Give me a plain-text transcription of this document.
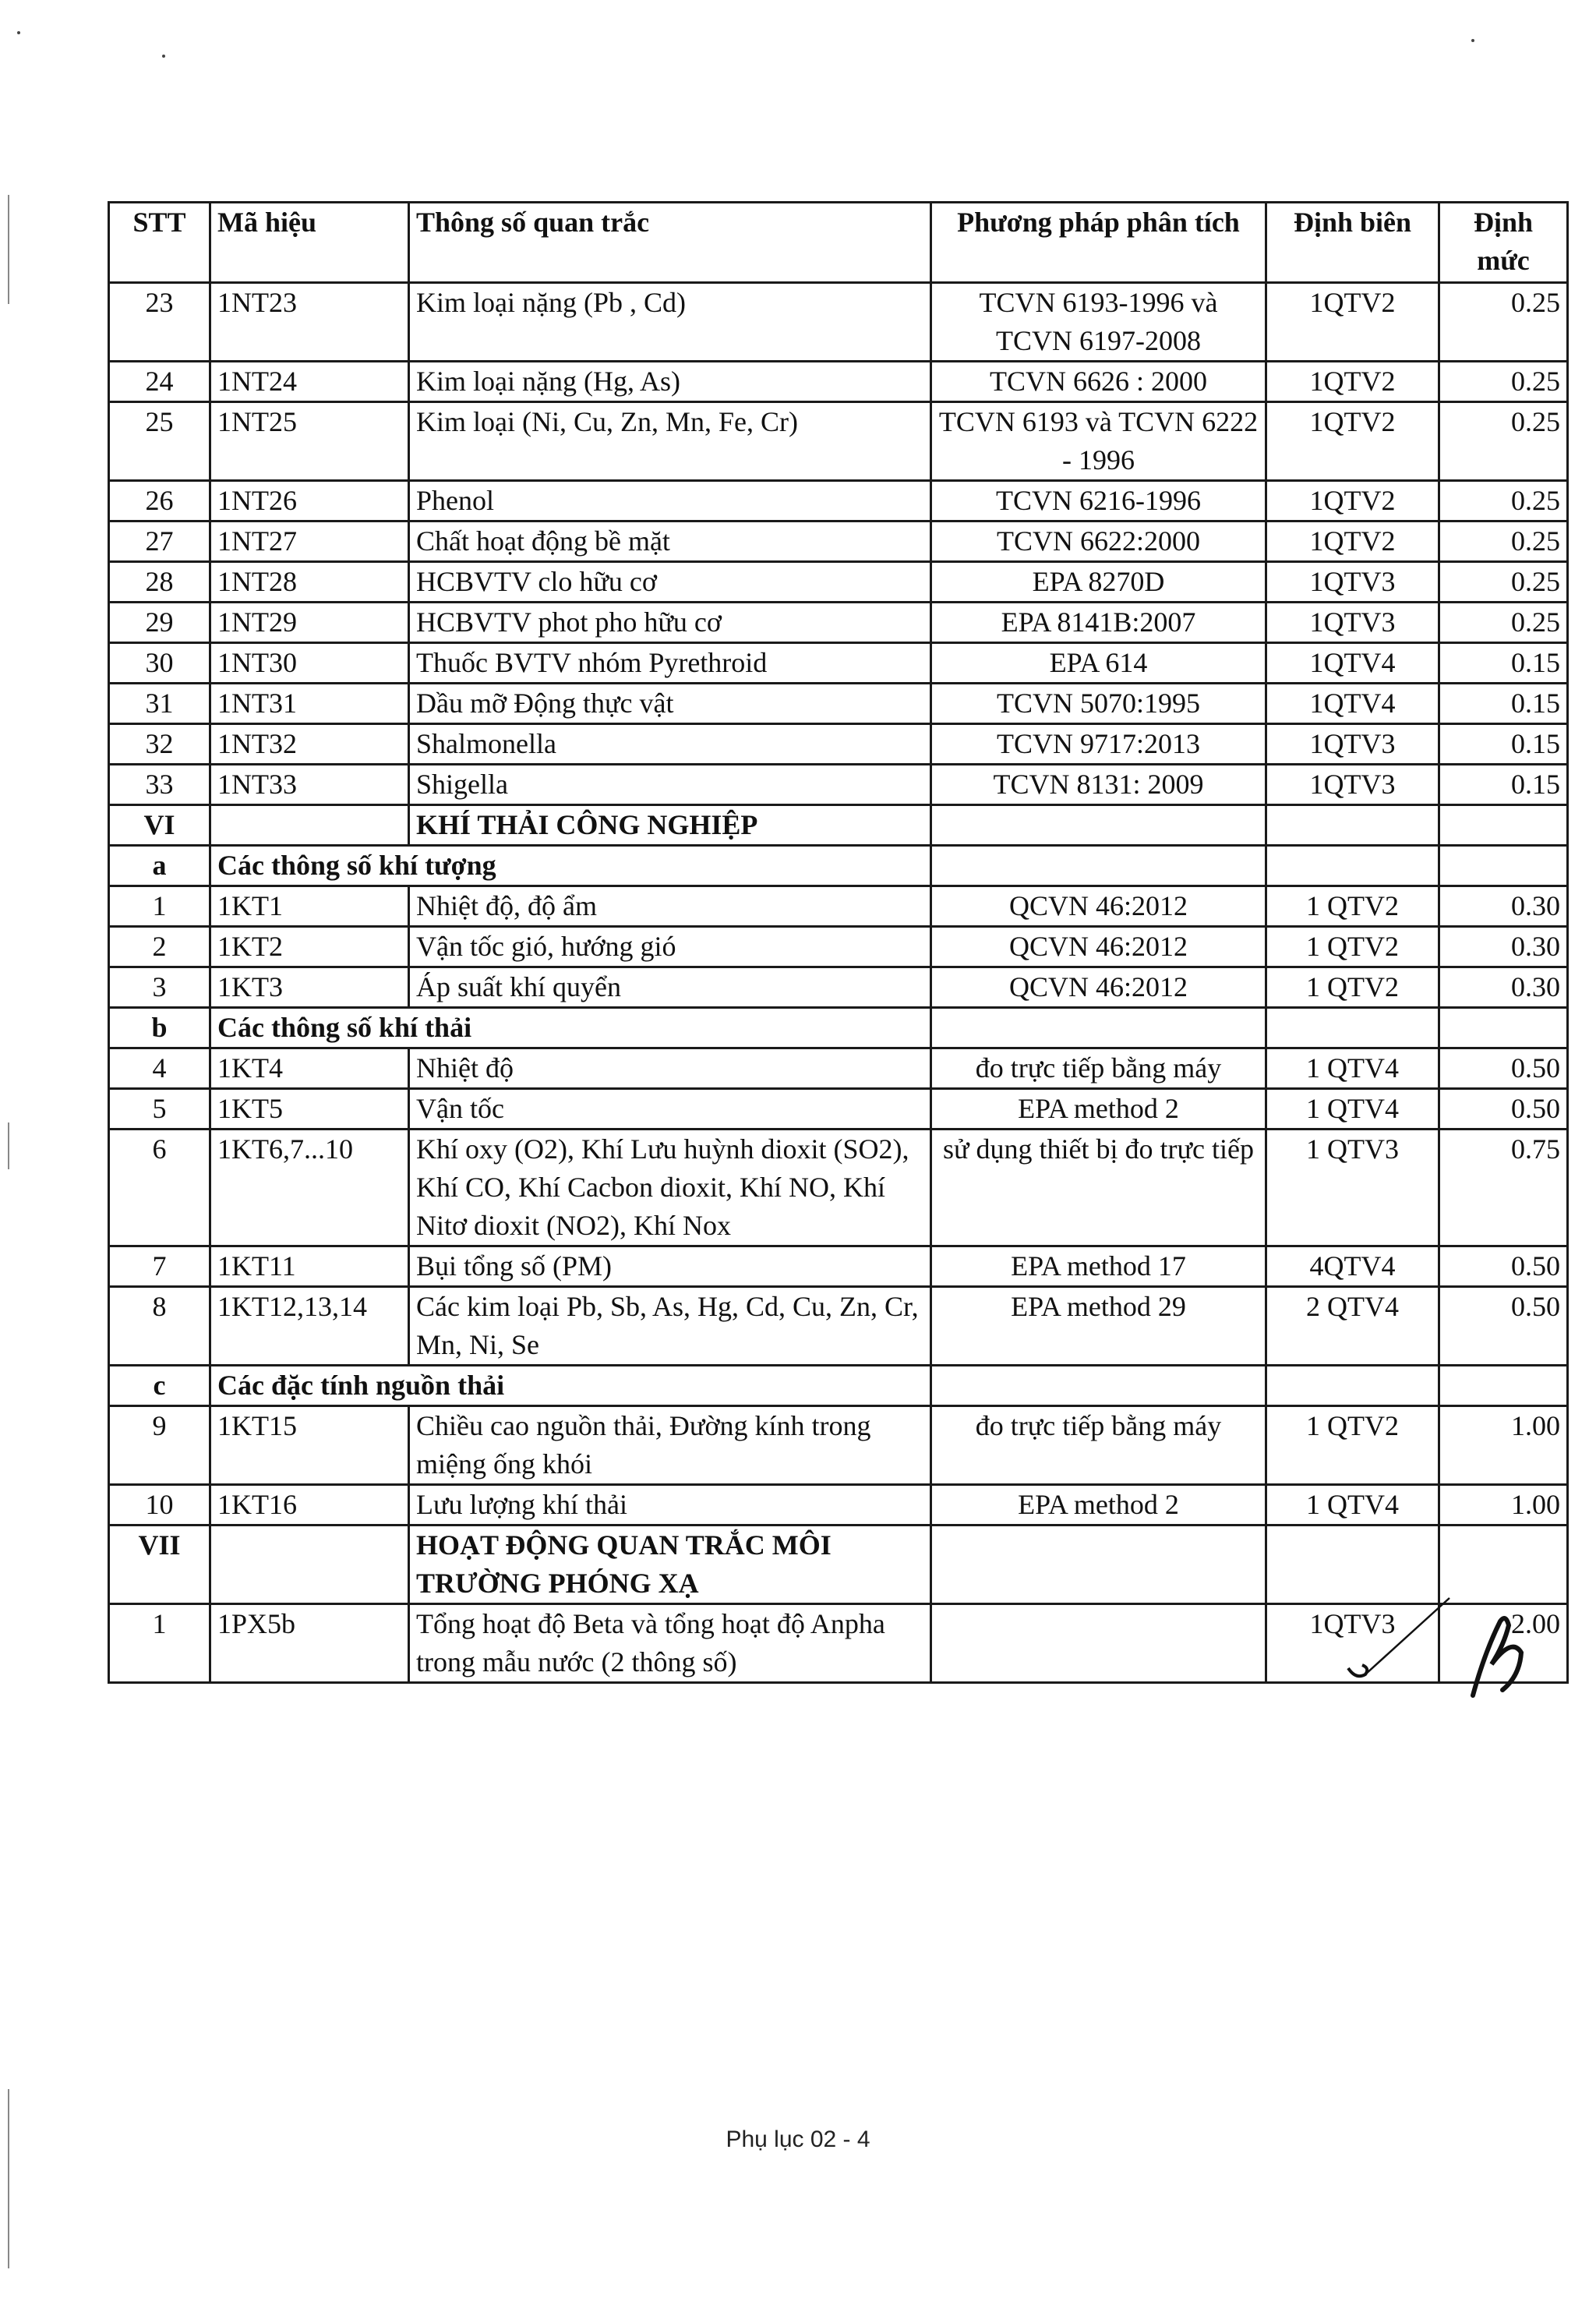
STT	Mã hiệu	Thông số quan trắc	Phương pháp phân tích	Định biên	Định mức
23	1NT23	Kim loại nặng (Pb , Cd)	TCVN 6193-1996 và TCVN 6197-2008	1QTV2	0.25
24	1NT24	Kim loại nặng (Hg, As)	TCVN 6626 : 2000	1QTV2	0.25
25	1NT25	Kim loại (Ni, Cu, Zn, Mn, Fe, Cr)	TCVN 6193 và TCVN 6222 - 1996	1QTV2	0.25
26	1NT26	Phenol	TCVN 6216-1996	1QTV2	0.25
27	1NT27	Chất hoạt động bề mặt	TCVN 6622:2000	1QTV2	0.25
28	1NT28	HCBVTV clo hữu cơ	EPA 8270D	1QTV3	0.25
29	1NT29	HCBVTV phot pho hữu cơ	EPA 8141B:2007	1QTV3	0.25
30	1NT30	Thuốc BVTV nhóm Pyrethroid	EPA 614	1QTV4	0.15
31	1NT31	Dầu mỡ Động thực vật	TCVN 5070:1995	1QTV4	0.15
32	1NT32	Shalmonella	TCVN 9717:2013	1QTV3	0.15
33	1NT33	Shigella	TCVN 8131: 2009	1QTV3	0.15
VI		KHÍ THẢI CÔNG NGHIỆP			
a	Các thông số khí tượng				
1	1KT1	Nhiệt độ, độ ẩm	QCVN 46:2012	1 QTV2	0.30
2	1KT2	Vận tốc gió, hướng gió	QCVN 46:2012	1 QTV2	0.30
3	1KT3	Áp suất khí quyển	QCVN 46:2012	1 QTV2	0.30
b	Các thông số khí thải				
4	1KT4	Nhiệt độ	đo trực tiếp bằng máy	1 QTV4	0.50
5	1KT5	Vận tốc	EPA method 2	1 QTV4	0.50
6	1KT6,7...10	Khí oxy (O2), Khí Lưu huỳnh dioxit (SO2), Khí CO, Khí Cacbon dioxit, Khí NO, Khí Nitơ dioxit (NO2), Khí Nox	sử dụng thiết bị đo trực tiếp	1 QTV3	0.75
7	1KT11	Bụi tổng số (PM)	EPA method 17	4QTV4	0.50
8	1KT12,13,14	Các kim loại Pb, Sb, As, Hg, Cd, Cu, Zn, Cr, Mn, Ni, Se	EPA method 29	2 QTV4	0.50
c	Các đặc tính nguồn thải				
9	1KT15	Chiều cao nguồn thải, Đường kính trong miệng ống khói	đo trực tiếp bằng máy	1 QTV2	1.00
10	1KT16	Lưu lượng khí thải	EPA method 2	1 QTV4	1.00
VII		HOẠT ĐỘNG QUAN TRẮC MÔI TRƯỜNG PHÓNG XẠ			
1	1PX5b	Tổng hoạt độ Beta và tổng hoạt độ Anpha trong mẫu nước (2 thông số)		1QTV3	2.00
Phụ lục 02 - 4
